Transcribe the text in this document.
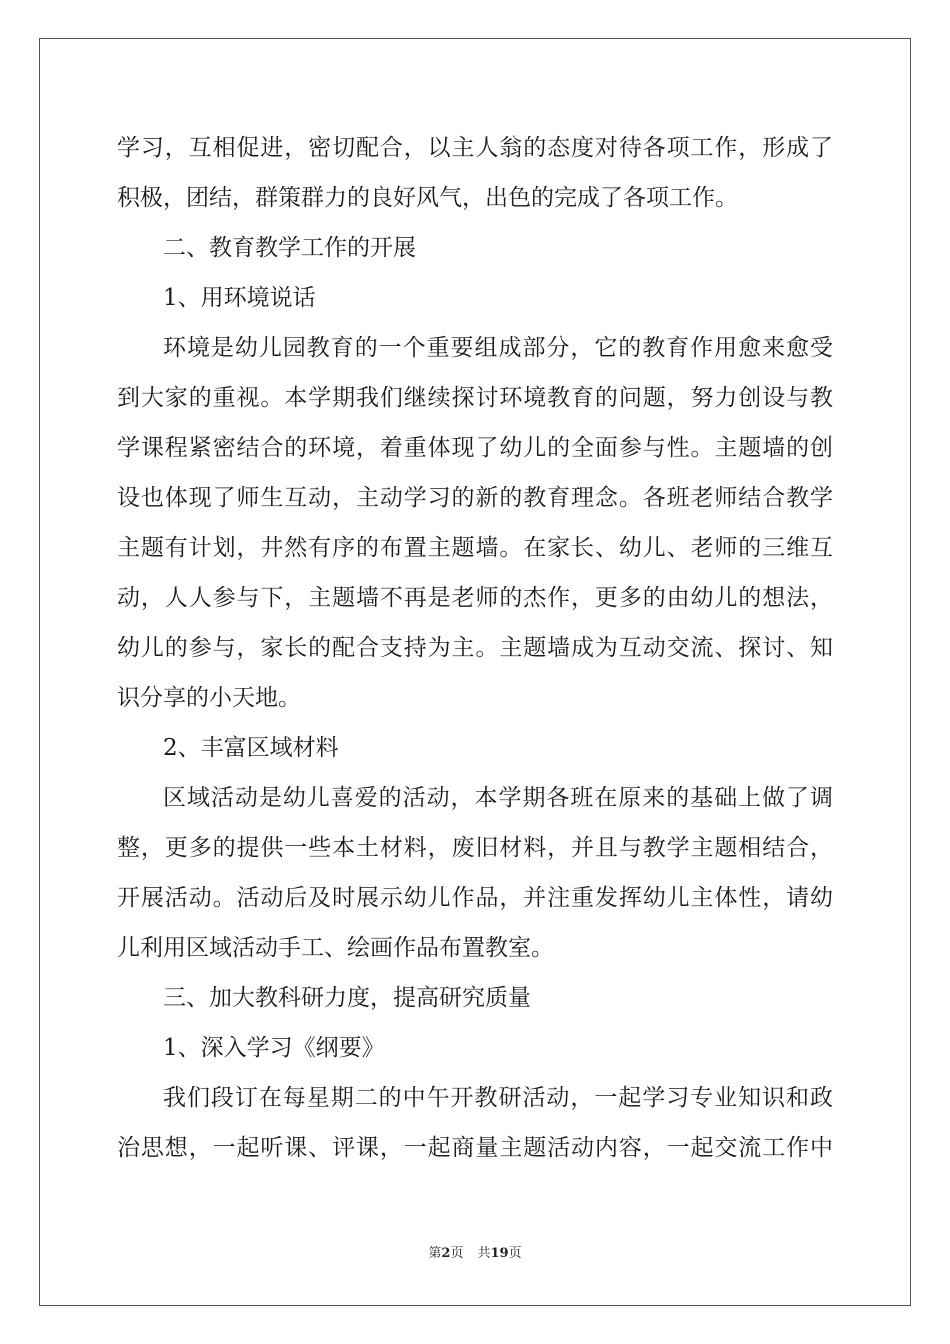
学习，互相促进，密切配合，以主人翁的态度对待各项工作，形成了
积极，团结，群策群力的良好风气，出色的完成了各项工作。
二、教育教学工作的开展
1、用环境说话
环境是幼儿园教育的一个重要组成部分，它的教育作用愈来愈受
到大家的重视。本学期我们继续探讨环境教育的问题，努力创设与教
学课程紧密结合的环境，着重体现了幼儿的全面参与性。主题墙的创
设也体现了师生互动，主动学习的新的教育理念。各班老师结合教学
主题有计划，井然有序的布置主题墙。在家长、幼儿、老师的三维互
动，人人参与下，主题墙不再是老师的杰作，更多的由幼儿的想法，
幼儿的参与，家长的配合支持为主。主题墙成为互动交流、探讨、知
识分享的小天地。
2、丰富区域材料
区域活动是幼儿喜爱的活动，本学期各班在原来的基础上做了调
整，更多的提供一些本土材料，废旧材料，并且与教学主题相结合，
开展活动。活动后及时展示幼儿作品，并注重发挥幼儿主体性，请幼
儿利用区域活动手工、绘画作品布置教室。
三、加大教科研力度，提高研究质量
1、深入学习《纲要》
我们段订在每星期二的中午开教研活动，一起学习专业知识和政
治思想，一起听课、评课，一起商量主题活动内容，一起交流工作中
第2页 共19页
